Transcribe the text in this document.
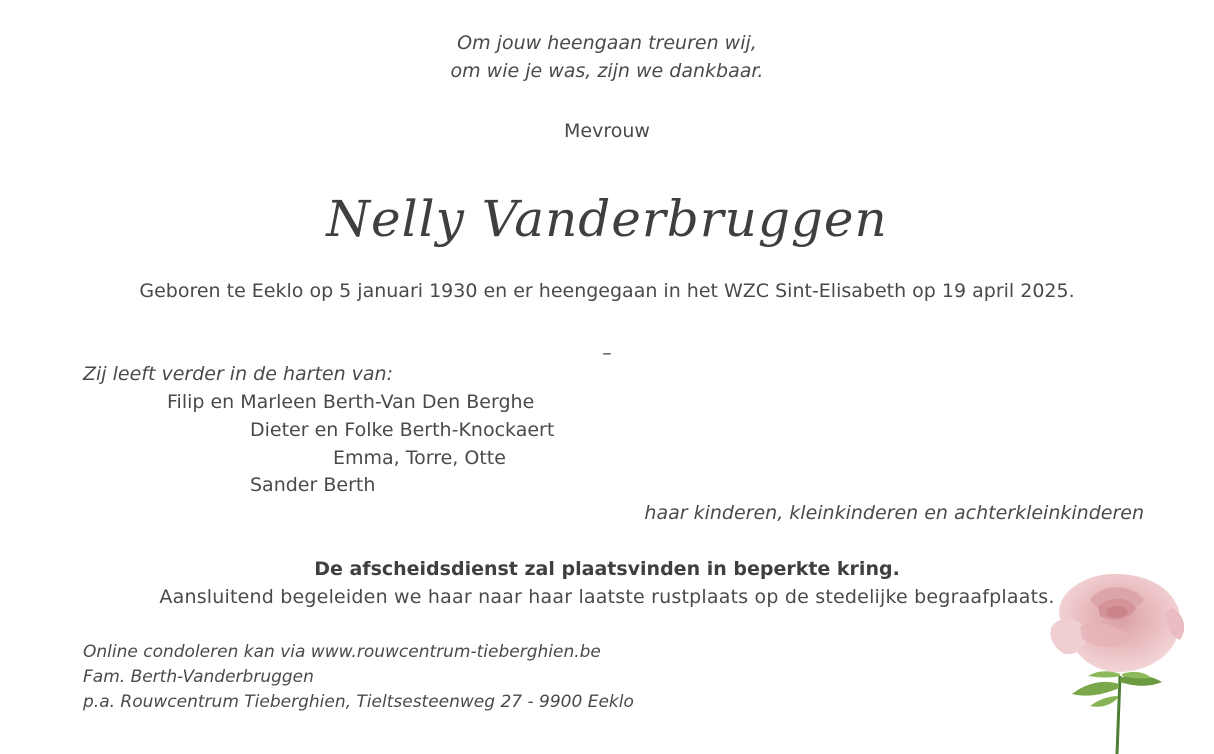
Om jouw heengaan treuren wij,
om wie je was, zijn we dankbaar.
Mevrouw
Nelly Vanderbruggen
Geboren te Eeklo op 5 januari 1930 en er heengegaan in het WZC Sint-Elisabeth op 19 april 2025.
–
Zij leeft verder in de harten van:
Filip en Marleen Berth-Van Den Berghe
Dieter en Folke Berth-Knockaert
Emma, Torre, Otte
Sander Berth
haar kinderen, kleinkinderen en achterkleinkinderen
De afscheidsdienst zal plaatsvinden in beperkte kring.
Aansluitend begeleiden we haar naar haar laatste rustplaats op de stedelijke begraafplaats.
Online condoleren kan via www.rouwcentrum-tieberghien.be
Fam. Berth-Vanderbruggen
p.a. Rouwcentrum Tieberghien, Tieltsesteenweg 27 - 9900 Eeklo
